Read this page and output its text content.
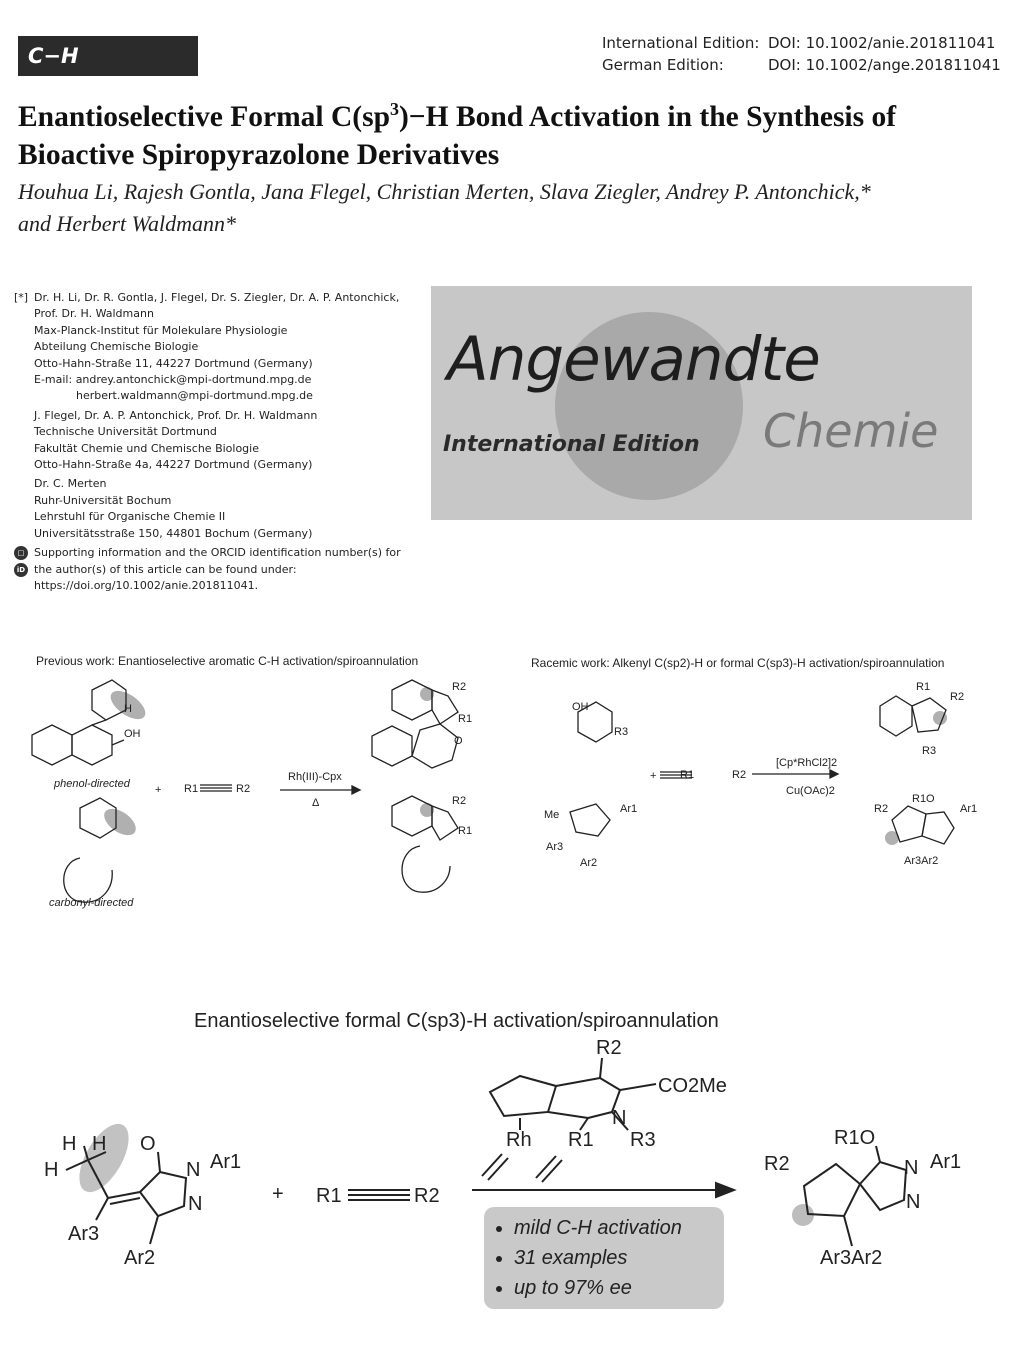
C−H Activation
International Edition: DOI: 10.1002/anie.201811041
German Edition:	DOI: 10.1002/ange.201811041
Enantioselective Formal $C(sp^3)-H$ Bond Activation in the Synthesis of Bioactive Spiropyrazolone Derivatives
Houhua Li, Rajesh Gontla, Jana Flegel, Christian Merten, Slava Ziegler, Andrey P. Antonchick,*
and Herbert Waldmann*
[*] Dr. H. Li, Dr. R. Gontla, J. Flegel, Dr. S. Ziegler, Dr. A. P. Antonchick,
Prof. Dr. H. Waldmann
Max-Planck-Institut für Molekulare Physiologie
Abteilung Chemische Biologie
Otto-Hahn-Straße 11, 44227 Dortmund (Germany)
E-mail: andrey.antonchick@mpi-dortmund.mpg.de
herbert.waldmann@mpi-dortmund.mpg.de
J. Flegel, Dr. A. P. Antonchick, Prof. Dr. H. Waldmann
Technische Universität Dortmund
Fakultät Chemie und Chemische Biologie
Otto-Hahn-Straße 4a, 44227 Dortmund (Germany)
Dr. C. Merten
Ruhr-Universität Bochum
Lehrstuhl für Organische Chemie II
Universitätsstraße 150, 44801 Bochum (Germany)
□
iD
Supporting information and the ORCID identification number(s) for
the author(s) of this article can be found under:
https://doi.org/10.1002/anie.201811041.
Angewandte
International Edition Chemie
Previous work: Enantioselective aromatic C-H activation/spiroannulation	Racemic work: Alkenyl C(sp2)-H or formal C(sp3)-H activation/spiroannulation
H
OH
phenol-directed
carbonyl-directed
+ R1	R2
Rh(III)-Cpx
Δ
R2
R1
O
R2
R1
OH
R3
+ R1	R2
[Cp*RhCl2]2
Cu(OAc)2
Me	Ar1
Ar3
Ar2
R1
R2
R3
R2
R1O
Ar1
Ar3Ar2
Enantioselective formal C(sp3)-H activation/spiroannulation
H H
H
O
N Ar1
N
Ar3
Ar2
+ R1	R2
R2
CO2Me
N
Rh R1 R3
R2
R1O
N Ar1
N
Ar3Ar2
• mild C-H activation
• 31 examples
• up to 97% ee
